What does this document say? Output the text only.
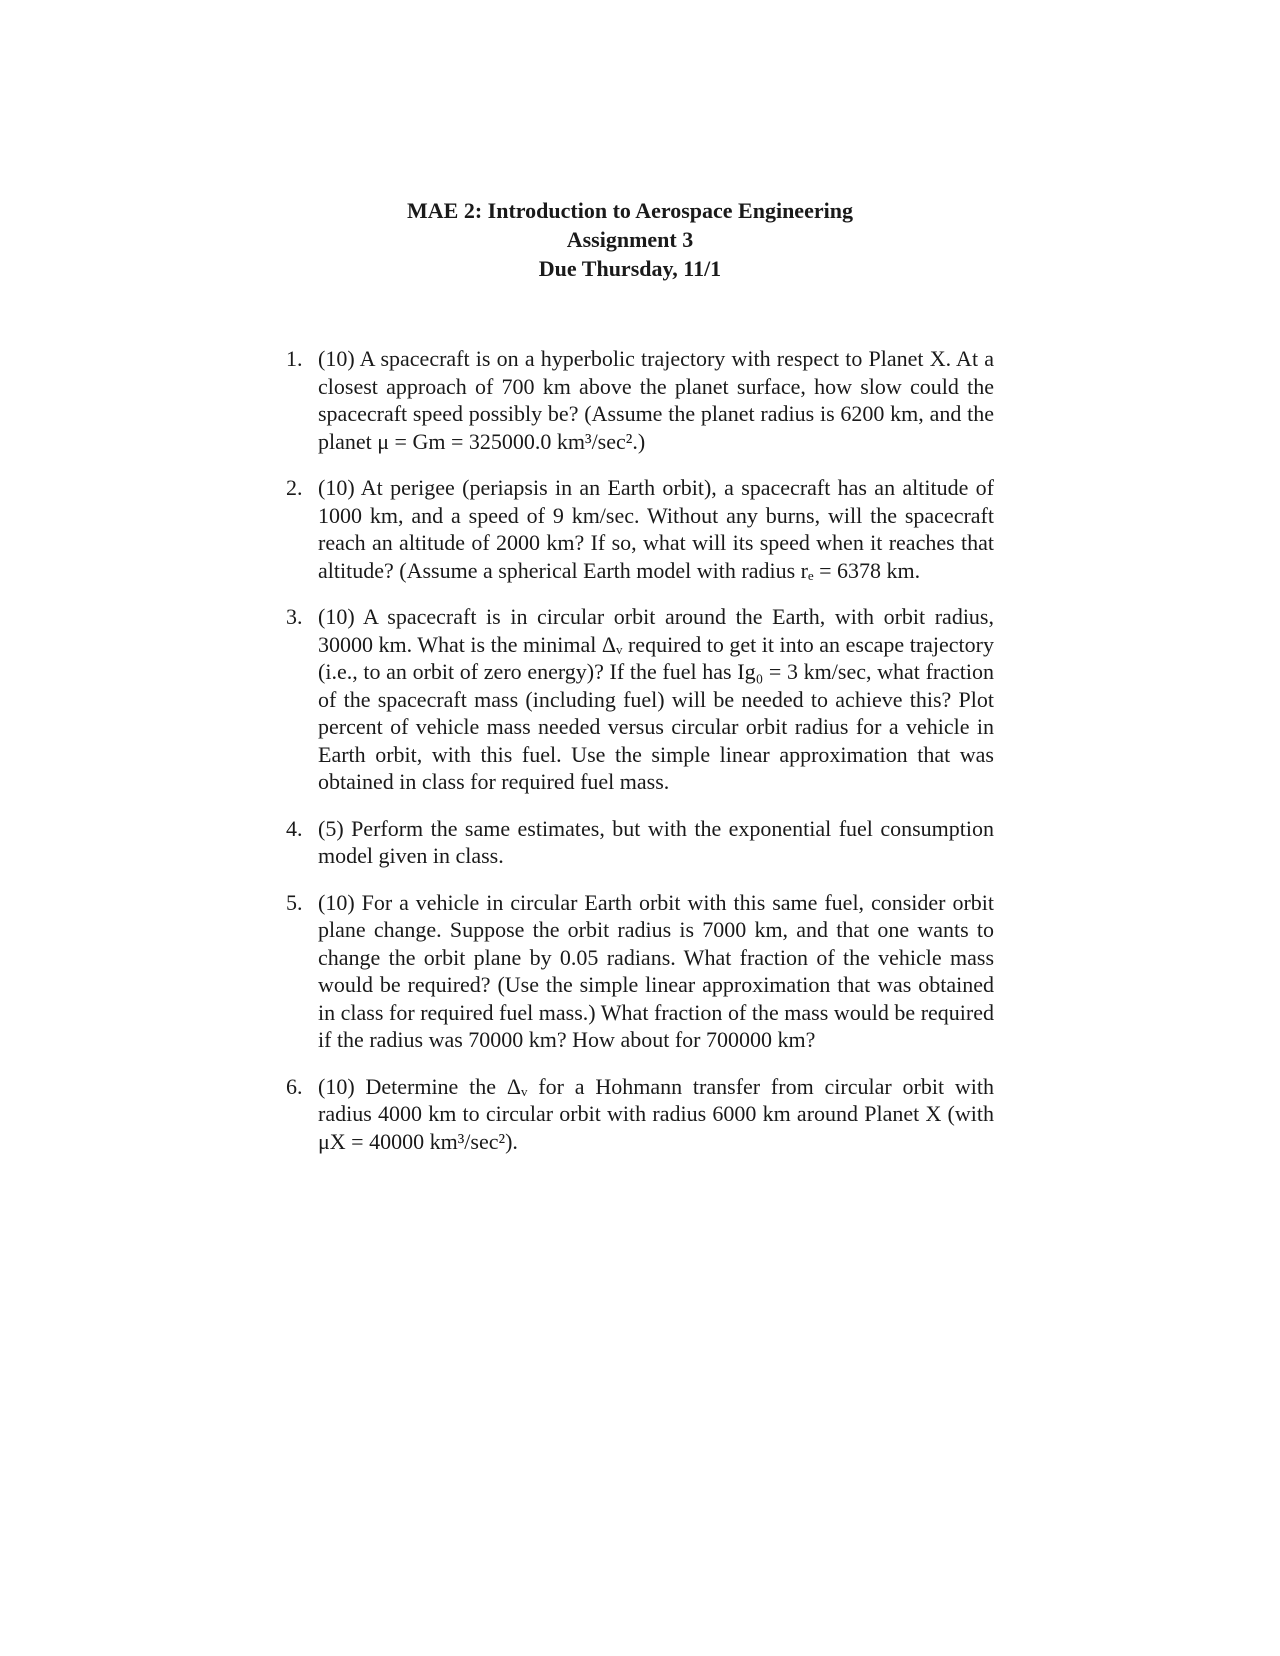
MAE 2: Introduction to Aerospace Engineering
Assignment 3
Due Thursday, 11/1
1. (10) A spacecraft is on a hyperbolic trajectory with respect to Planet X. At a closest approach of 700 km above the planet surface, how slow could the spacecraft speed possibly be? (Assume the planet radius is 6200 km, and the planet μ = Gm = 325000.0 km³/sec².)
2. (10) At perigee (periapsis in an Earth orbit), a spacecraft has an altitude of 1000 km, and a speed of 9 km/sec. Without any burns, will the spacecraft reach an altitude of 2000 km? If so, what will its speed when it reaches that altitude? (Assume a spherical Earth model with radius rₑ = 6378 km.
3. (10) A spacecraft is in circular orbit around the Earth, with orbit radius, 30000 km. What is the minimal Δᵥ required to get it into an escape trajectory (i.e., to an orbit of zero energy)? If the fuel has Ig₀ = 3 km/sec, what fraction of the spacecraft mass (including fuel) will be needed to achieve this? Plot percent of vehicle mass needed versus circular orbit radius for a vehicle in Earth orbit, with this fuel. Use the simple linear approximation that was obtained in class for required fuel mass.
4. (5) Perform the same estimates, but with the exponential fuel consumption model given in class.
5. (10) For a vehicle in circular Earth orbit with this same fuel, consider orbit plane change. Suppose the orbit radius is 7000 km, and that one wants to change the orbit plane by 0.05 radians. What fraction of the vehicle mass would be required? (Use the simple linear approximation that was obtained in class for required fuel mass.) What fraction of the mass would be required if the radius was 70000 km? How about for 700000 km?
6. (10) Determine the Δᵥ for a Hohmann transfer from circular orbit with radius 4000 km to circular orbit with radius 6000 km around Planet X (with μX = 40000 km³/sec²).
